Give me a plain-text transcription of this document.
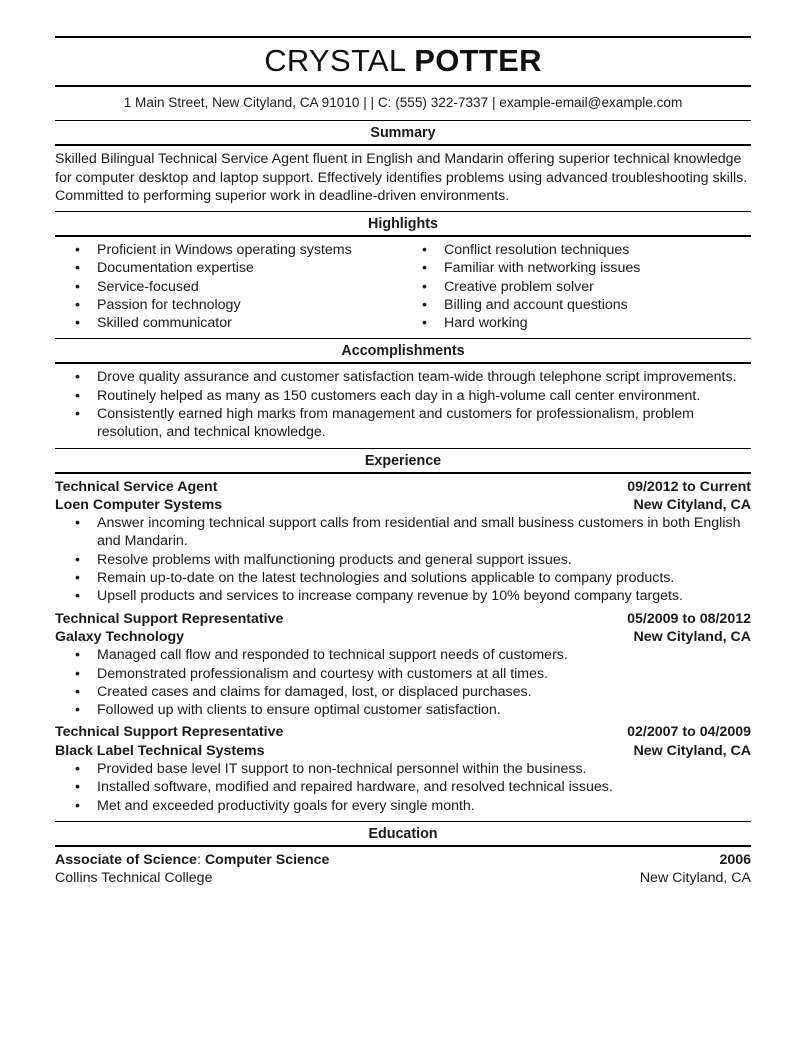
CRYSTAL POTTER
1 Main Street, New Cityland, CA 91010 | | C: (555) 322-7337 | example-email@example.com
Summary
Skilled Bilingual Technical Service Agent fluent in English and Mandarin offering superior technical knowledge for computer desktop and laptop support. Effectively identifies problems using advanced troubleshooting skills. Committed to performing superior work in deadline-driven environments.
Highlights
• Proficient in Windows operating systems
• Documentation expertise
• Service-focused
• Passion for technology
• Skilled communicator
• Conflict resolution techniques
• Familiar with networking issues
• Creative problem solver
• Billing and account questions
• Hard working
Accomplishments
• Drove quality assurance and customer satisfaction team-wide through telephone script improvements.
• Routinely helped as many as 150 customers each day in a high-volume call center environment.
• Consistently earned high marks from management and customers for professionalism, problem resolution, and technical knowledge.
Experience
Technical Service Agent	09/2012 to Current
Loen Computer Systems	New Cityland, CA
• Answer incoming technical support calls from residential and small business customers in both English and Mandarin.
• Resolve problems with malfunctioning products and general support issues.
• Remain up-to-date on the latest technologies and solutions applicable to company products.
• Upsell products and services to increase company revenue by 10% beyond company targets.
Technical Support Representative	05/2009 to 08/2012
Galaxy Technology	New Cityland, CA
• Managed call flow and responded to technical support needs of customers.
• Demonstrated professionalism and courtesy with customers at all times.
• Created cases and claims for damaged, lost, or displaced purchases.
• Followed up with clients to ensure optimal customer satisfaction.
Technical Support Representative	02/2007 to 04/2009
Black Label Technical Systems	New Cityland, CA
• Provided base level IT support to non-technical personnel within the business.
• Installed software, modified and repaired hardware, and resolved technical issues.
• Met and exceeded productivity goals for every single month.
Education
Associate of Science: Computer Science	2006
Collins Technical College	New Cityland, CA
